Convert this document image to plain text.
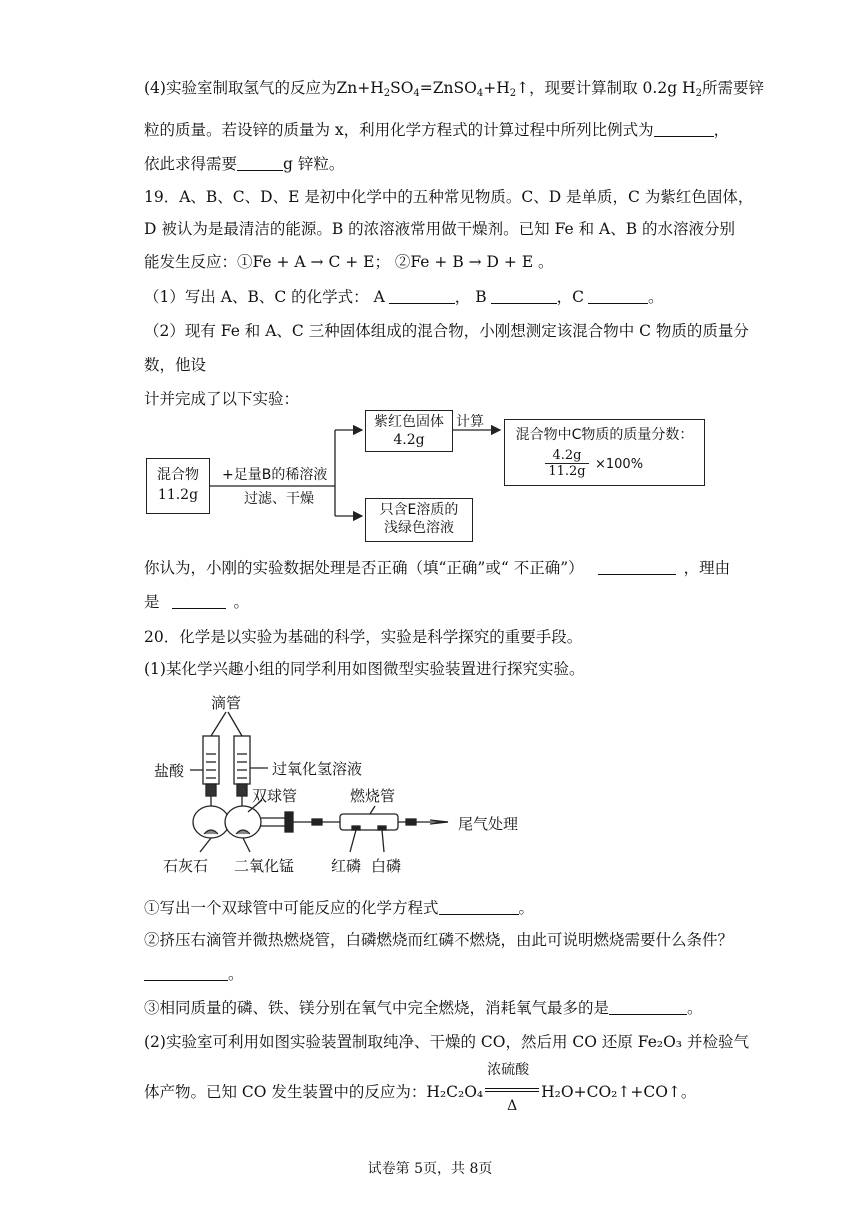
(4)实验室制取氢气的反应为$Zn+H_2SO_4=ZnSO_4+H_2↑$，现要计算制取 0.2g $H_2$所需要锌
粒的质量。若设锌的质量为 x，利用化学方程式的计算过程中所列比例式为	，
依此求得需要	g 锌粒。
19．A、B、C、D、E 是初中化学中的五种常见物质。C、D 是单质，C 为紫红色固体，
D 被认为是最清洁的能源。B 的浓溶液常用做干燥剂。已知 Fe 和 A、B 的水溶液分别
能发生反应：①Fe + A → C + E； ②Fe + B → D + E 。
（1）写出 A、B、C 的化学式： A	， B	，C	。
（2）现有 Fe 和 A、C 三种固体组成的混合物，小刚想测定该混合物中 C 物质的质量分
数，他设
计并完成了以下实验：
混合物
11.2g
+足量B的稀溶液
过滤、干燥
紫红色固体
4.2g
计算
混合物中C物质的质量分数：
4.2g
11.2g ×100%
只含E溶质的
浅绿色溶液
你认为，小刚的实验数据处理是否正确（填“正确”或“ 不正确”）	，理由
是	。
20．化学是以实验为基础的科学，实验是科学探究的重要手段。
(1)某化学兴趣小组的同学利用如图微型实验装置进行探究实验。
滴管
盐酸	过氧化氢溶液
双球管	燃烧管
尾气处理
石灰石 二氧化锰 红磷 白磷
①写出一个双球管中可能反应的化学方程式	。
②挤压右滴管并微热燃烧管，白磷燃烧而红磷不燃烧，由此可说明燃烧需要什么条件？
。
③相同质量的磷、铁、镁分别在氧气中完全燃烧，消耗氧气最多的是	。
(2)实验室可利用如图实验装置制取纯净、干燥的 CO，然后用 CO 还原 Fe₂O₃ 并检验气
体产物。已知 CO 发生装置中的反应为：H₂C₂O₄
浓硫酸
Δ
H₂O+CO₂↑+CO↑。
试卷第 5页，共 8页
